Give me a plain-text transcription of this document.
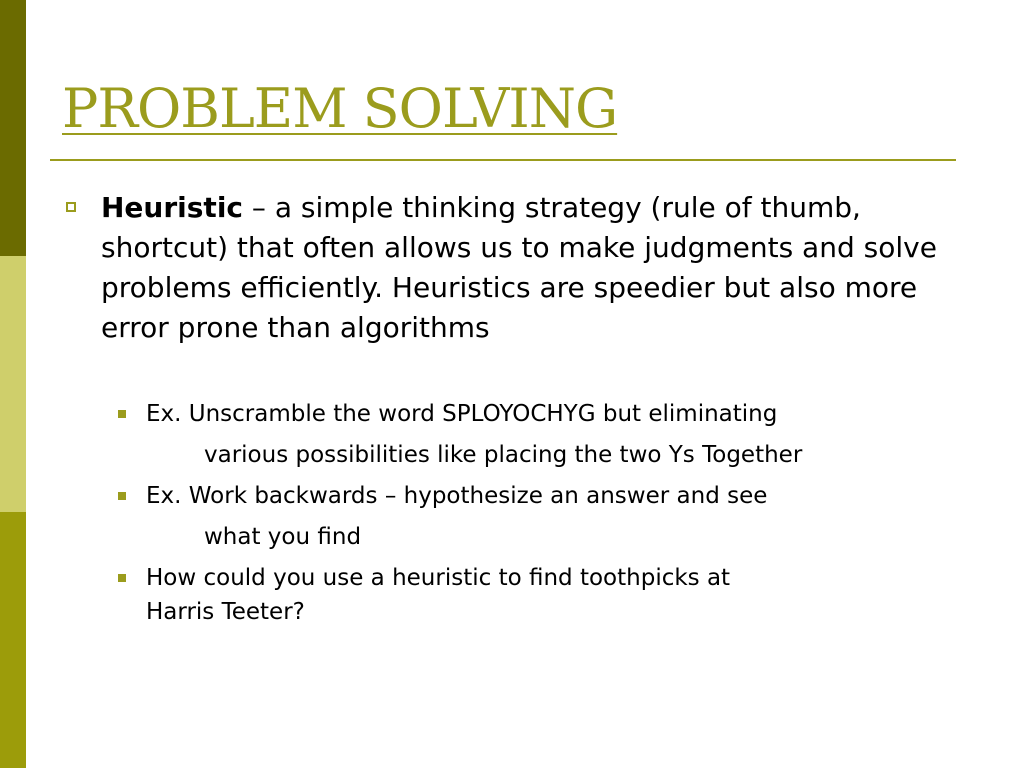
PROBLEM SOLVING
Heuristic – a simple thinking strategy (rule of thumb, shortcut) that often allows us to make judgments and solve problems efficiently. Heuristics are speedier but also more error prone than algorithms
Ex. Unscramble the word SPLOYOCHYG but eliminating
various possibilities like placing the two Ys Together
Ex. Work backwards – hypothesize an answer and see
what you find
How could you use a heuristic to find toothpicks at
Harris Teeter?
